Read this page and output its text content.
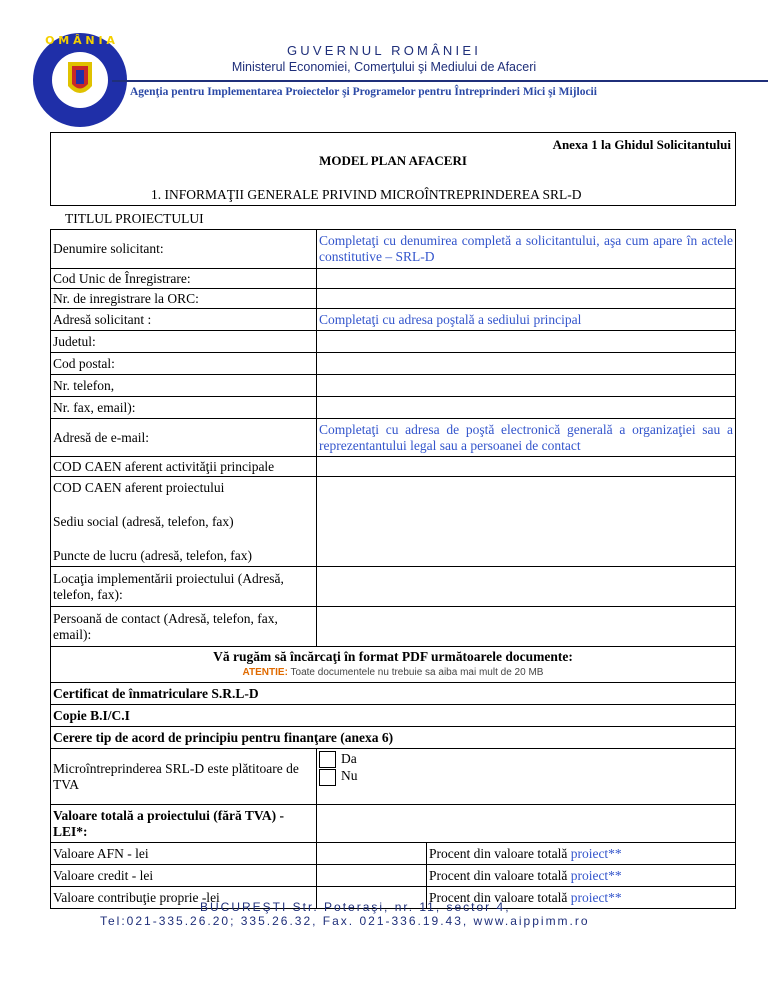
O M Â N I A
GUVERNUL ROMÂNIEI
Ministerul Economiei, Comerţului şi Mediului de Afaceri
Agenţia pentru Implementarea Proiectelor şi Programelor pentru Întreprinderi Mici şi Mijlocii
Anexa 1 la Ghidul Solicitantului
MODEL PLAN AFACERI
1. INFORMAŢII GENERALE PRIVIND MICROÎNTREPRINDEREA SRL-D
TITLUL PROIECTULUI
Denumire solicitant:	Completaţi cu denumirea completă a solicitantului, aşa cum apare în actele constitutive – SRL-D	
Cod Unic de Înregistrare:		
Nr. de inregistrare la ORC:		
Adresă solicitant :	Completaţi cu adresa poştală a sediului principal	
Judetul:		
Cod postal:		
Nr. telefon,		
Nr. fax, email):		
Adresă de e-mail:	Completaţi cu adresa de poştă electronică generală a organizaţiei sau a reprezentantului legal sau a persoanei de contact	
COD CAEN aferent activităţii principale		

COD CAEN aferent proiectului
Sediu social (adresă, telefon, fax)
Puncte de lucru (adresă, telefon, fax)		

Locaţia implementării proiectului (Adresă, telefon, fax):		
Persoană de contact (Adresă, telefon, fax, email):		

Vă rugăm să încărcaţi în format PDF următoarele documente:
ATENTIE: Toate documentele nu trebuie sa aiba mai mult de 20 MB		

Certificat de înmatriculare S.R.L-D		
Copie B.I/C.I		
Cerere tip de acord de principiu pentru finanţare (anexa 6)		
Microîntreprinderea SRL-D este plătitoare de TVA	Da
Nu	

Valoare totală a proiectului (fără TVA) - LEI*:		
Valoare AFN - lei		Procent din valoare totală proiect**
Valoare credit - lei		Procent din valoare totală proiect**
Valoare contribuţie proprie -lei		Procent din valoare totală proiect**
BUCUREŞTI Str. Poteraşi, nr. 11, sector 4,
Tel:021-335.26.20; 335.26.32, Fax. 021-336.19.43, www.aippimm.ro
